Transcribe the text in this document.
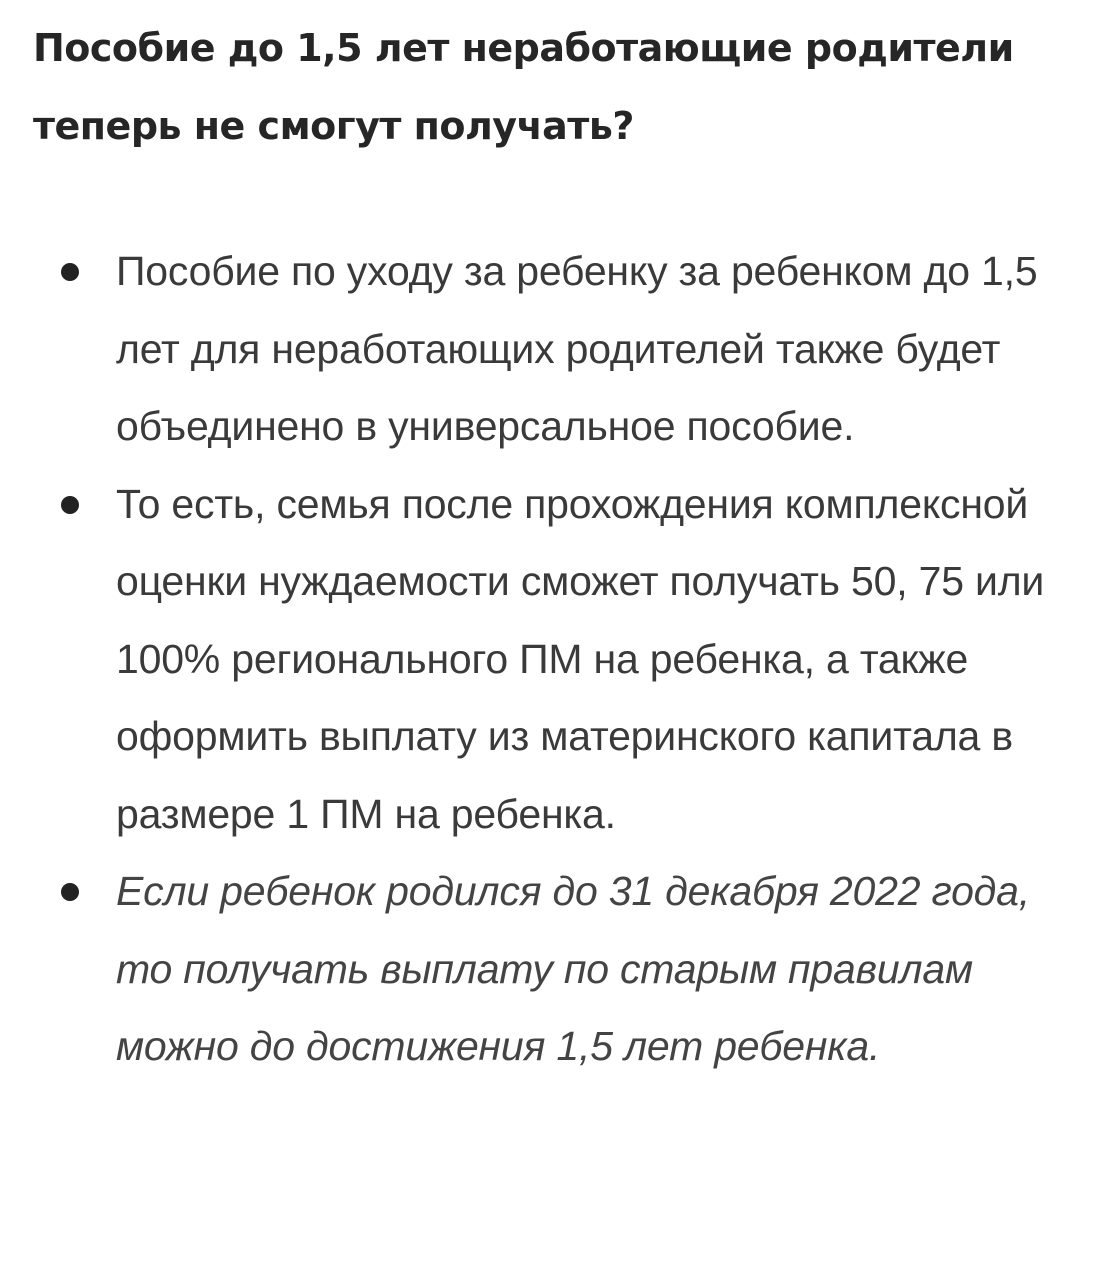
Пособие до 1,5 лет неработающие родители теперь не смогут получать?
Пособие по уходу за ребенку за ребенком до 1,5 лет для неработающих родителей также будет объединено в универсальное пособие.
То есть, семья после прохождения комплексной оценки нуждаемости сможет получать 50, 75 или 100% регионального ПМ на ребенка, а также оформить выплату из материнского капитала в размере 1 ПМ на ребенка.
Если ребенок родился до 31 декабря 2022 года, то получать выплату по старым правилам можно до достижения 1,5 лет ребенка.
